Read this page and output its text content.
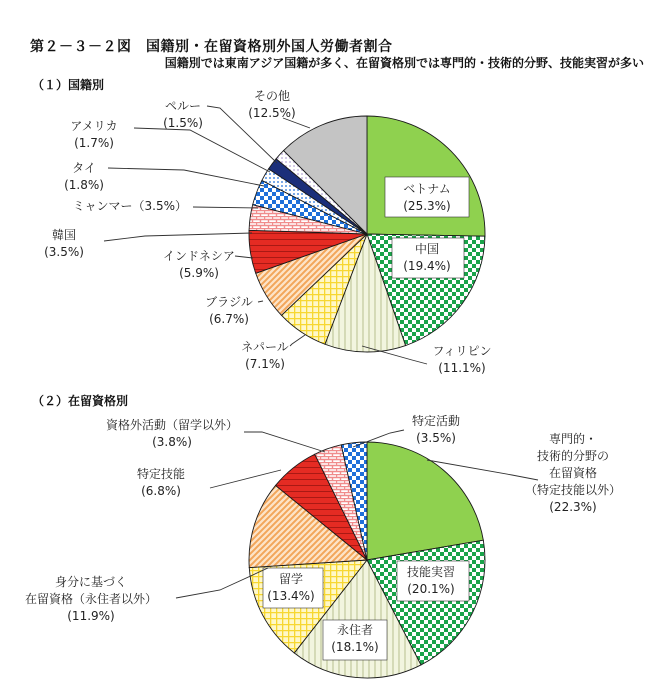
第２－３－２図　国籍別・在留資格別外国人労働者割合
国籍別では東南アジア国籍が多く、在留資格別では専門的・技術的分野、技能実習が多い
（１）国籍別
（２）在留資格別
ベトナム(25.3%)
中国(19.4%)
フィリピン(11.1%)
ネパール(7.1%)
ブラジル(6.7%)
インドネシア(5.9%)
韓国(3.5%)
ミャンマー（3.5%）
タイ(1.8%)
アメリカ(1.7%)
ペルー(1.5%)
その他(12.5%)
専門的・技術的分野の在留資格（特定技能以外）(22.3%)
技能実習(20.1%)
永住者(18.1%)
留学(13.4%)
身分に基づく在留資格（永住者以外）(11.9%)
特定技能(6.8%)
資格外活動（留学以外）(3.8%)
特定活動(3.5%)
